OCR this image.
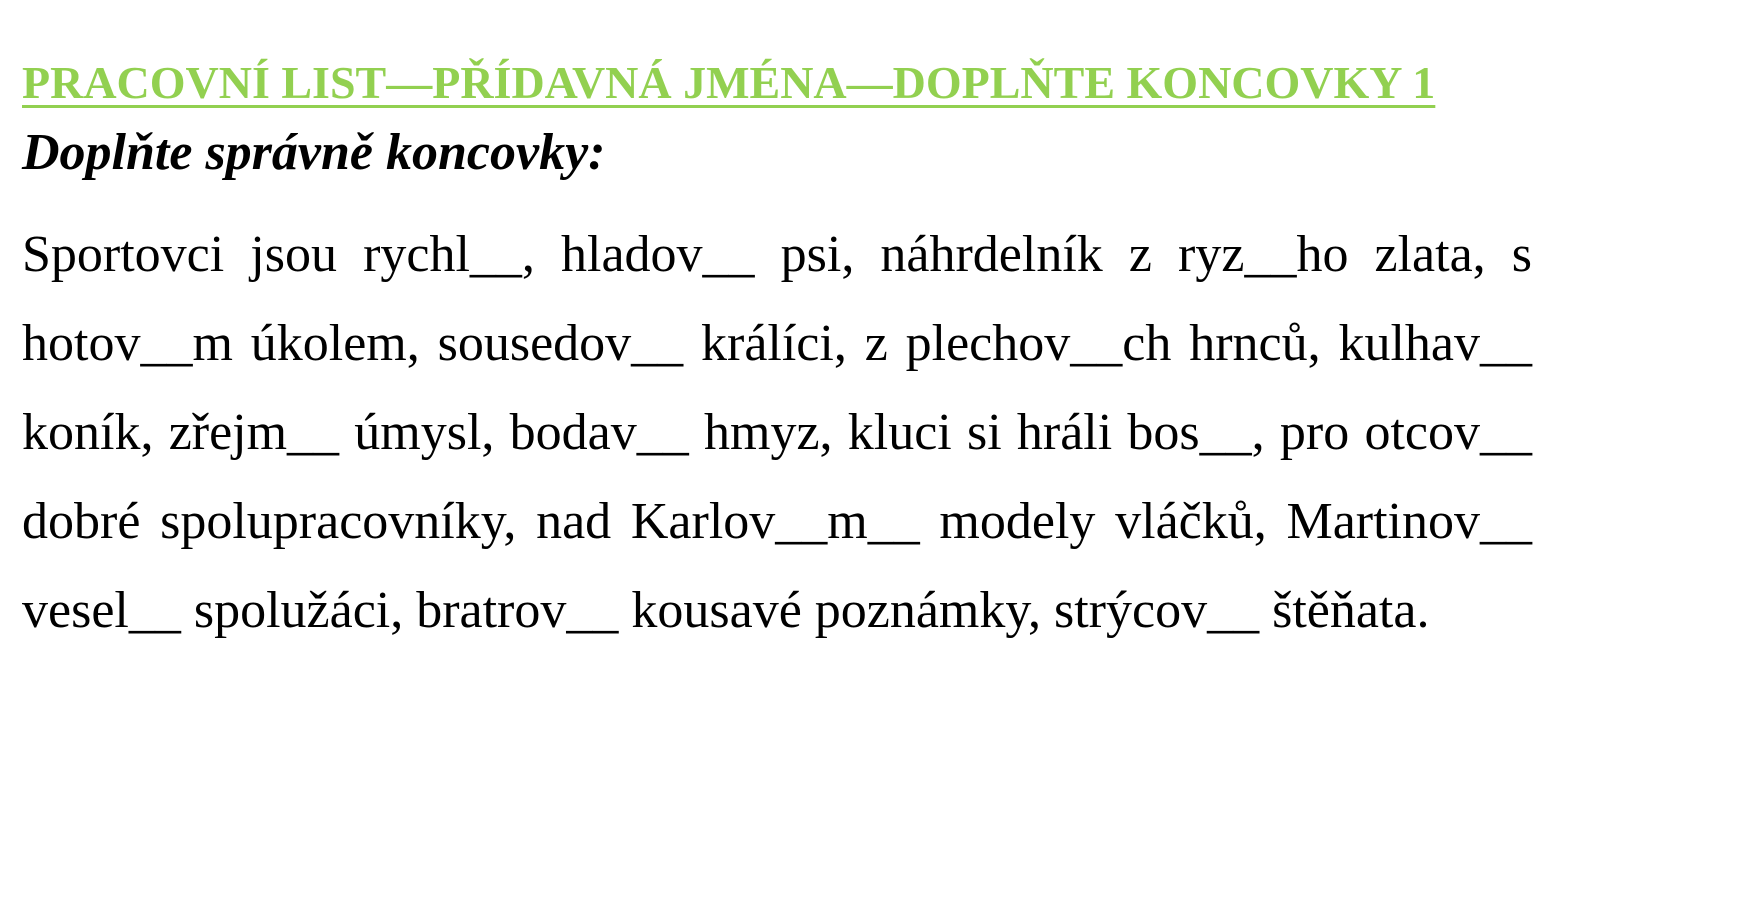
PRACOVNÍ LIST—PŘÍDAVNÁ JMÉNA—DOPLŇTE KONCOVKY 1

Doplňte správně koncovky:

Sportovci jsou rychl__, hladov__ psi, náhrdelník z ryz__ho zlata, s hotov__m úkolem, sousedov__ králíci, z plechov__ch hrnců, kulhav__ koník, zřejm__ úmysl, bodav__ hmyz, kluci si hráli bos__, pro otcov__ dobré spolupracovníky, nad Karlov__m__ modely vláčků, Martinov__ vesel__ spolužáci, bratrov__ kousavé poznámky, strýcov__ štěňata.
